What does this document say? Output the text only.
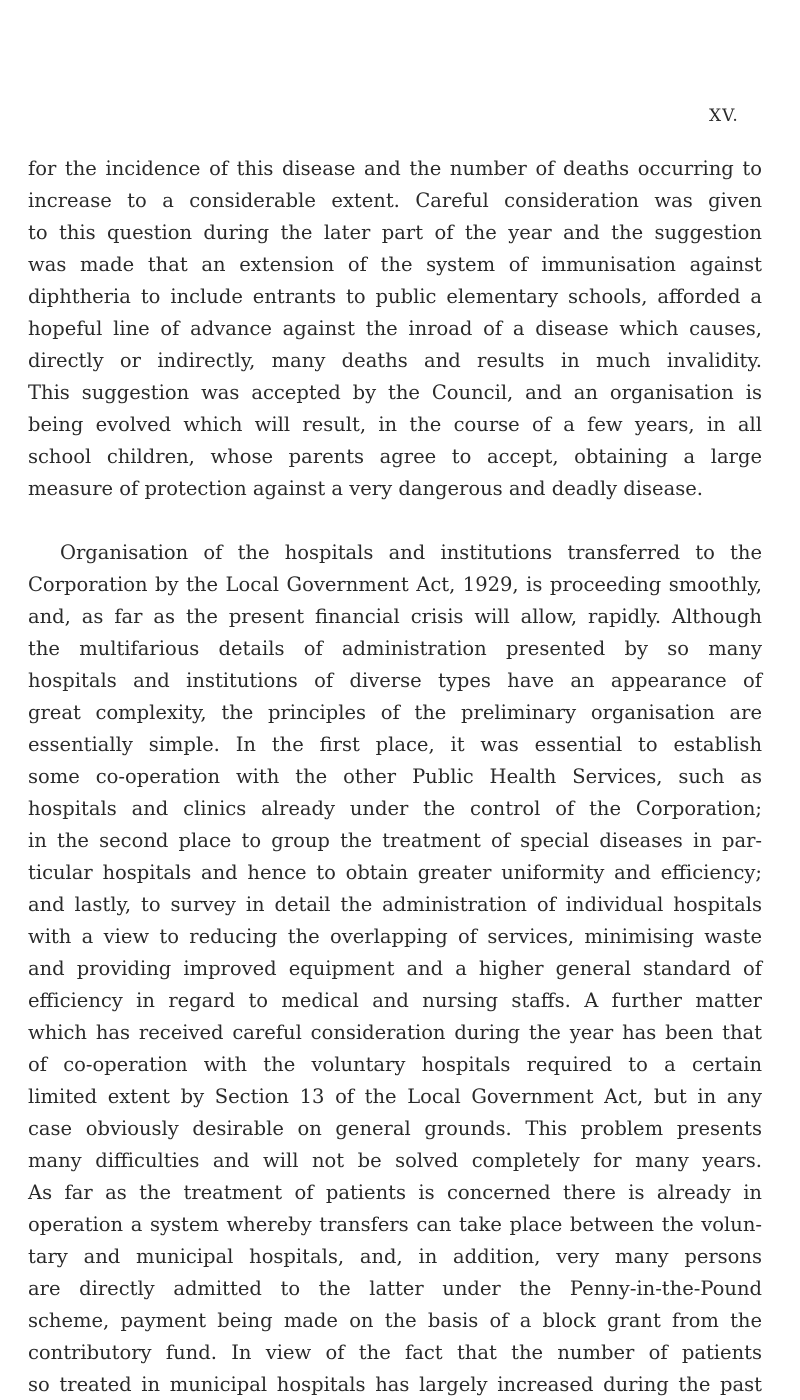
XV.
for the incidence of this disease and the number of deaths occurring to
increase to a considerable extent. Careful consideration was given
to this question during the later part of the year and the suggestion
was made that an extension of the system of immunisation against
diphtheria to include entrants to public elementary schools, afforded a
hopeful line of advance against the inroad of a disease which causes,
directly or indirectly, many deaths and results in much invalidity.
This suggestion was accepted by the Council, and an organisation is
being evolved which will result, in the course of a few years, in all
school children, whose parents agree to accept, obtaining a large
measure of protection against a very dangerous and deadly disease.
Organisation of the hospitals and institutions transferred to the
Corporation by the Local Government Act, 1929, is proceeding smoothly,
and, as far as the present financial crisis will allow, rapidly. Although
the multifarious details of administration presented by so many
hospitals and institutions of diverse types have an appearance of
great complexity, the principles of the preliminary organisation are
essentially simple. In the first place, it was essential to establish
some co-operation with the other Public Health Services, such as
hospitals and clinics already under the control of the Corporation;
in the second place to group the treatment of special diseases in par-
ticular hospitals and hence to obtain greater uniformity and efficiency;
and lastly, to survey in detail the administration of individual hospitals
with a view to reducing the overlapping of services, minimising waste
and providing improved equipment and a higher general standard of
efficiency in regard to medical and nursing staffs. A further matter
which has received careful consideration during the year has been that
of co-operation with the voluntary hospitals required to a certain
limited extent by Section 13 of the Local Government Act, but in any
case obviously desirable on general grounds. This problem presents
many difficulties and will not be solved completely for many years.
As far as the treatment of patients is concerned there is already in
operation a system whereby transfers can take place between the volun-
tary and municipal hospitals, and, in addition, very many persons
are directly admitted to the latter under the Penny-in-the-Pound
scheme, payment being made on the basis of a block grant from the
contributory fund. In view of the fact that the number of patients
so treated in municipal hospitals has largely increased during the past
